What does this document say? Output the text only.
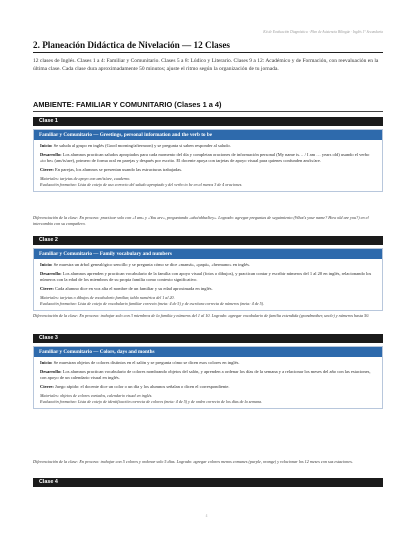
Kit de Evaluación Diagnóstica · Plan de Asistencia Bilingüe · Inglés 1° Secundaria
2. Planeación Didáctica de Nivelación — 12 Clases
12 clases de Inglés. Clases 1 a 4: Familiar y Comunitario. Clases 5 a 8: Lúdico y Literario. Clases 9 a 12: Académico y de Formación, con reevaluación en la última clase. Cada clase dura aproximadamente 50 minutos; ajuste el ritmo según la organización de tu jornada.
AMBIENTE: FAMILIAR Y COMUNITARIO (Clases 1 a 4)
Clase 1
Familiar y Comunitario — Greetings, personal information and the verb to be

Inicio: Se saluda al grupo en inglés (Good morning/afternoon) y se pregunta si saben responder al saludo.

Desarrollo: Los alumnos practican saludos apropiados para cada momento del día y completan oraciones de información personal (My name is… / I am … years old) usando el verbo «to be» (am/is/are), primero de forma oral en parejas y después por escrito. El docente apoya con tarjetas de apoyo visual para quienes confunden am/is/are.

Cierre: En parejas, los alumnos se presentan usando las estructuras trabajadas.

Materiales: tarjetas de apoyo con am/is/are, cuaderno.

Evaluación formativa: Lista de cotejo de uso correcto del saludo apropiado y del verbo to be en al menos 3 de 4 oraciones.

Diferenciación de la clase: En proceso: practicar solo con «I am» y «You are», preguntando «aha/ahha/hey». Logrado: agregar preguntas de seguimiento (What's your name? How old are you?) en el intercambio con su compañero.
Clase 2
Familiar y Comunitario — Family vocabulary and numbers

Inicio: Se muestra un árbol genealógico sencillo y se pregunta cómo se dice «mamá», «papá», «hermano» en inglés.

Desarrollo: Los alumnos aprenden y practican vocabulario de la familia con apoyo visual (fotos o dibujos), y practican contar y escribir números del 1 al 20 en inglés, relacionando los números con la edad de los miembros de su propia familia como contexto significativo.

Cierre: Cada alumno dice en voz alta el nombre de un familiar y su edad aproximada en inglés.

Materiales: tarjetas o dibujos de vocabulario familiar, tabla numérica del 1 al 20.

Evaluación formativa: Lista de cotejo de vocabulario familiar correcto (meta: 4 de 5) y de escritura correcta de números (meta: 4 de 5).

Diferenciación de la clase: En proceso: trabajar solo con 3 miembros de la familia y números del 1 al 10. Logrado: agregar vocabulario de familia extendida (grandmother, uncle) y números hasta 50.
Clase 3
Familiar y Comunitario — Colors, days and months

Inicio: Se muestran objetos de colores distintos en el salón y se pregunta cómo se dicen esos colores en inglés.

Desarrollo: Los alumnos practican vocabulario de colores nombrando objetos del salón, y aprenden a ordenar los días de la semana y a relacionar los meses del año con las estaciones, con apoyo de un calendario visual en inglés.

Cierre: Juego rápido: el docente dice un color o un día y los alumnos señalan o dicen el correspondiente.

Materiales: objetos de colores variados, calendario visual en inglés.

Evaluación formativa: Lista de cotejo de identificación correcta de colores (meta: 4 de 5) y de orden correcto de los días de la semana.

Diferenciación de la clase: En proceso: trabajar con 5 colores y ordenar solo 5 días. Logrado: agregar colores menos comunes (purple, orange) y relacionar los 12 meses con sus estaciones.
Clase 4
4
